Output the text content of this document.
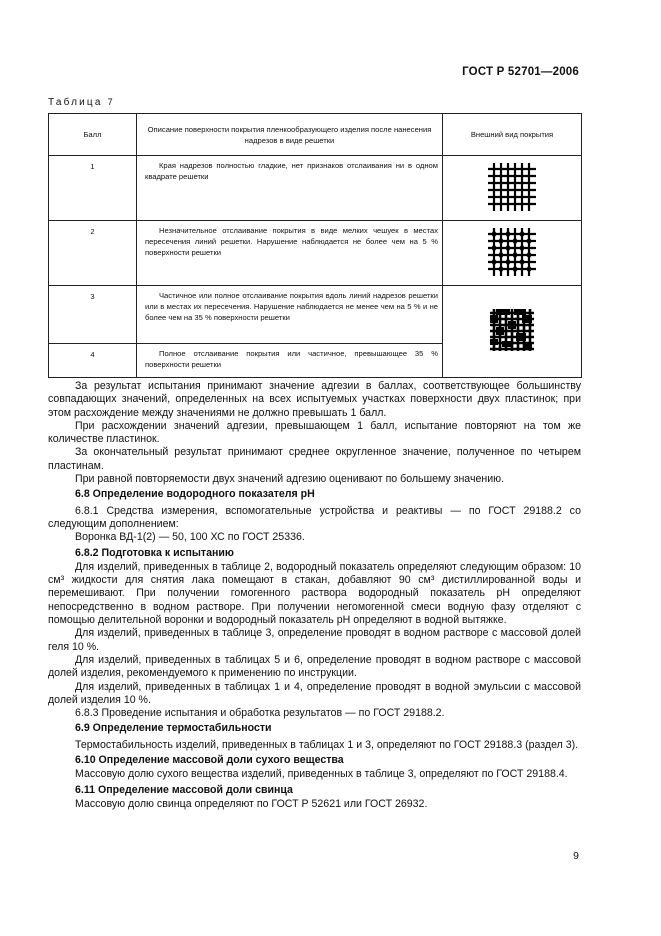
ГОСТ Р 52701—2006
Таблица 7
Балл	Описание поверхности покрытия пленкообразующего изделия после нанесения надрезов в виде решетки	Внешний вид покрытия
1	Края надрезов полностью гладкие, нет признаков отслаивания ни в одном квадрате решетки

2	Незначительное отслаивание покрытия в виде мелких чешуек в местах пересечения линий решетки. Нарушение наблюдается не более чем на 5 % поверхности решетки

3	Частичное или полное отслаивание покрытия вдоль линий надрезов решетки или в местах их пересечения. Нарушение наблюдается не менее чем на 5 % и не более чем на 35 % поверхности решетки

4	Полное отслаивание покрытия или частичное, превышающее 35 % поверхности решетки	

За результат испытания принимают значение адгезии в баллах, соответствующее большинству совпадающих значений, определенных на всех испытуемых участках поверхности двух пластинок; при этом расхождение между значениями не должно превышать 1 балл.

При расхождении значений адгезии, превышающем 1 балл, испытание повторяют на том же количестве пластинок.

За окончательный результат принимают среднее округленное значение, полученное по четырем пластинам.

При равной повторяемости двух значений адгезию оценивают по большему значению.

6.8 Определение водородного показателя pH

6.8.1 Средства измерения, вспомогательные устройства и реактивы — по ГОСТ 29188.2 со следующим дополнением:

Воронка ВД-1(2) — 50, 100 ХС по ГОСТ 25336.

6.8.2 Подготовка к испытанию

Для изделий, приведенных в таблице 2, водородный показатель определяют следующим образом: 10 см³ жидкости для снятия лака помещают в стакан, добавляют 90 см³ дистиллированной воды и перемешивают. При получении гомогенного раствора водородный показатель pH определяют непосредственно в водном растворе. При получении негомогенной смеси водную фазу отделяют с помощью делительной воронки и водородный показатель pH определяют в водной вытяжке.

Для изделий, приведенных в таблице 3, определение проводят в водном растворе с массовой долей геля 10 %.

Для изделий, приведенных в таблицах 5 и 6, определение проводят в водном растворе с массовой долей изделия, рекомендуемого к применению по инструкции.

Для изделий, приведенных в таблицах 1 и 4, определение проводят в водной эмульсии с массовой долей изделия 10 %.

6.8.3 Проведение испытания и обработка результатов — по ГОСТ 29188.2.

6.9 Определение термостабильности

Термостабильность изделий, приведенных в таблицах 1 и 3, определяют по ГОСТ 29188.3 (раздел 3).

6.10 Определение массовой доли сухого вещества

Массовую долю сухого вещества изделий, приведенных в таблице 3, определяют по ГОСТ 29188.4.

6.11 Определение массовой доли свинца

Массовую долю свинца определяют по ГОСТ Р 52621 или ГОСТ 26932.

9
